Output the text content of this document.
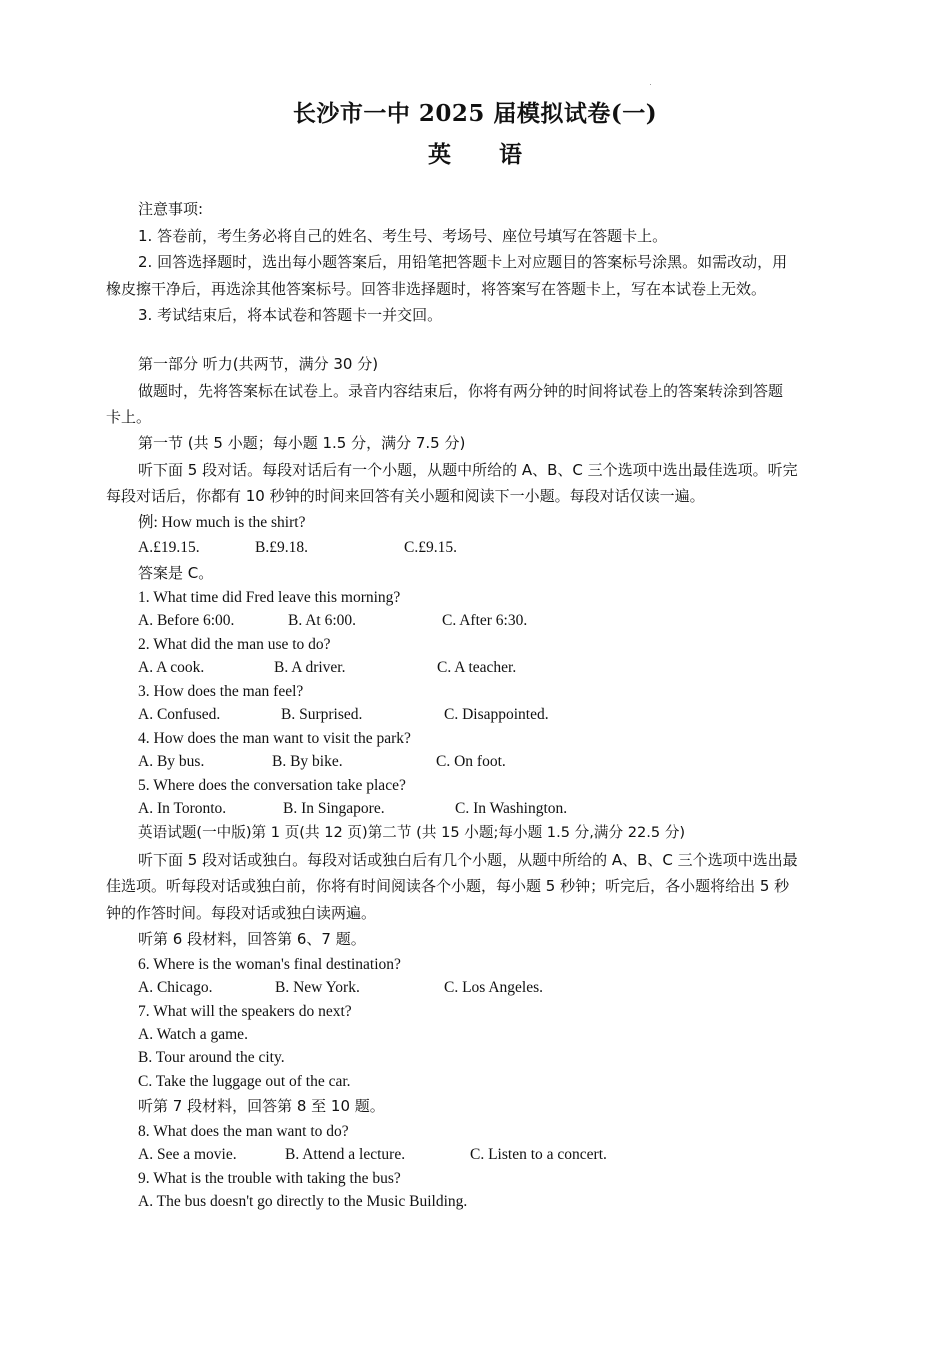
长沙市一中 2025 届模拟试卷(一)
英 语
注意事项:
1. 答卷前，考生务必将自己的姓名、考生号、考场号、座位号填写在答题卡上。
2. 回答选择题时，选出每小题答案后，用铅笔把答题卡上对应题目的答案标号涂黑。如需改动，用
橡皮擦干净后，再选涂其他答案标号。回答非选择题时，将答案写在答题卡上，写在本试卷上无效。
3. 考试结束后，将本试卷和答题卡一并交回。
第一部分 听力(共两节，满分 30 分)
做题时，先将答案标在试卷上。录音内容结束后，你将有两分钟的时间将试卷上的答案转涂到答题
卡上。
第一节 (共 5 小题；每小题 1.5 分，满分 7.5 分)
听下面 5 段对话。每段对话后有一个小题，从题中所给的 A、B、C 三个选项中选出最佳选项。听完
每段对话后，你都有 10 秒钟的时间来回答有关小题和阅读下一小题。每段对话仅读一遍。
例: How much is the shirt?
A.£19.15.	B.£9.18.	C.£9.15.
答案是 C。
1. What time did Fred leave this morning?
A. Before 6:00.	B. At 6:00.	C. After 6:30.
2. What did the man use to do?
A. A cook.	B. A driver.	C. A teacher.
3. How does the man feel?
A. Confused.	B. Surprised.	C. Disappointed.
4. How does the man want to visit the park?
A. By bus.	B. By bike.	C. On foot.
5. Where does the conversation take place?
A. In Toronto.	B. In Singapore.	C. In Washington.
英语试题(一中版)第 1 页(共 12 页)第二节 (共 15 小题;每小题 1.5 分,满分 22.5 分)
听下面 5 段对话或独白。每段对话或独白后有几个小题，从题中所给的 A、B、C 三个选项中选出最
佳选项。听每段对话或独白前，你将有时间阅读各个小题，每小题 5 秒钟；听完后，各小题将给出 5 秒
钟的作答时间。每段对话或独白读两遍。
听第 6 段材料，回答第 6、7 题。
6. Where is the woman's final destination?
A. Chicago.	B. New York.	C. Los Angeles.
7. What will the speakers do next?
A. Watch a game.
B. Tour around the city.
C. Take the luggage out of the car.
听第 7 段材料，回答第 8 至 10 题。
8. What does the man want to do?
A. See a movie.	B. Attend a lecture.	C. Listen to a concert.
9. What is the trouble with taking the bus?
A. The bus doesn't go directly to the Music Building.
